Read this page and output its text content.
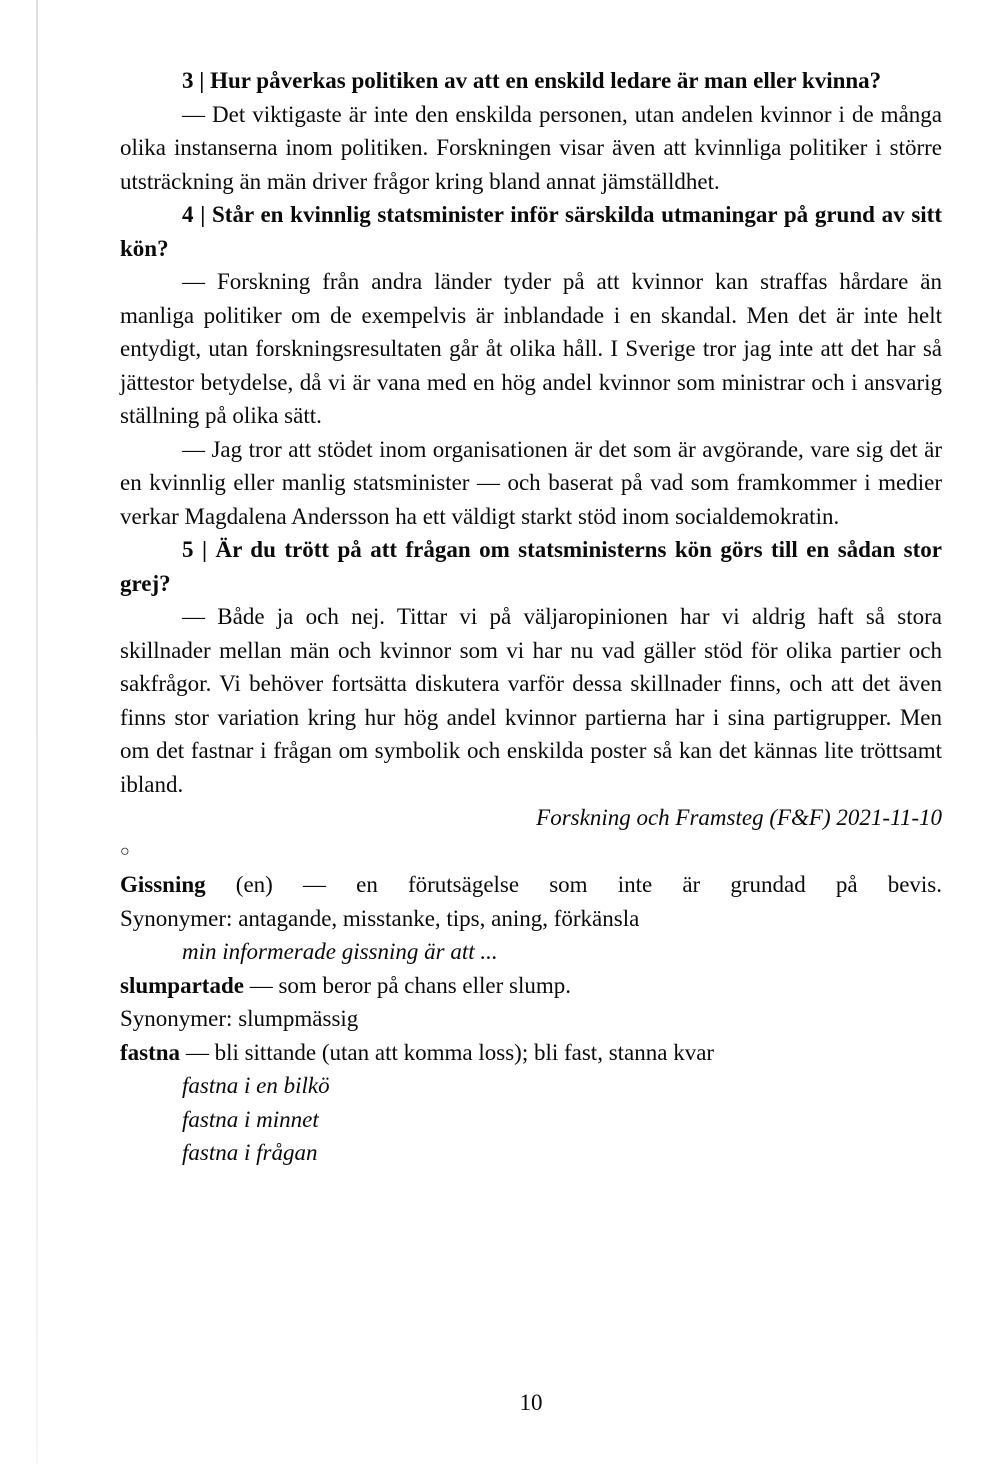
3 | Hur påverkas politiken av att en enskild ledare är man eller kvinna?

— Det viktigaste är inte den enskilda personen, utan andelen kvinnor i de många olika instanserna inom politiken. Forskningen visar även att kvinnliga politiker i större utsträckning än män driver frågor kring bland annat jämställdhet.

4 | Står en kvinnlig statsminister inför särskilda utmaningar på grund av sitt kön?

— Forskning från andra länder tyder på att kvinnor kan straffas hårdare än manliga politiker om de exempelvis är inblandade i en skandal. Men det är inte helt entydigt, utan forskningsresultaten går åt olika håll. I Sverige tror jag inte att det har så jättestor betydelse, då vi är vana med en hög andel kvinnor som ministrar och i ansvarig ställning på olika sätt.

— Jag tror att stödet inom organisationen är det som är avgörande, vare sig det är en kvinnlig eller manlig statsminister — och baserat på vad som framkommer i medier verkar Magdalena Andersson ha ett väldigt starkt stöd inom socialdemokratin.

5 | Är du trött på att frågan om statsministerns kön görs till en sådan stor grej?

— Både ja och nej. Tittar vi på väljaropinionen har vi aldrig haft så stora skillnader mellan män och kvinnor som vi har nu vad gäller stöd för olika partier och sakfrågor. Vi behöver fortsätta diskutera varför dessa skillnader finns, och att det även finns stor variation kring hur hög andel kvinnor partierna har i sina partigrupper. Men om det fastnar i frågan om symbolik och enskilda poster så kan det kännas lite tröttsamt ibland.

Forskning och Framsteg (F&F) 2021-11-10

○

Gissning (en) — en förutsägelse som inte är grundad på bevis.

Synonymer: antagande, misstanke, tips, aning, förkänsla

min informerade gissning är att ...

slumpartade — som beror på chans eller slump.

Synonymer: slumpmässig

fastna — bli sittande (utan att komma loss); bli fast, stanna kvar

fastna i en bilkö

fastna i minnet

fastna i frågan

10
